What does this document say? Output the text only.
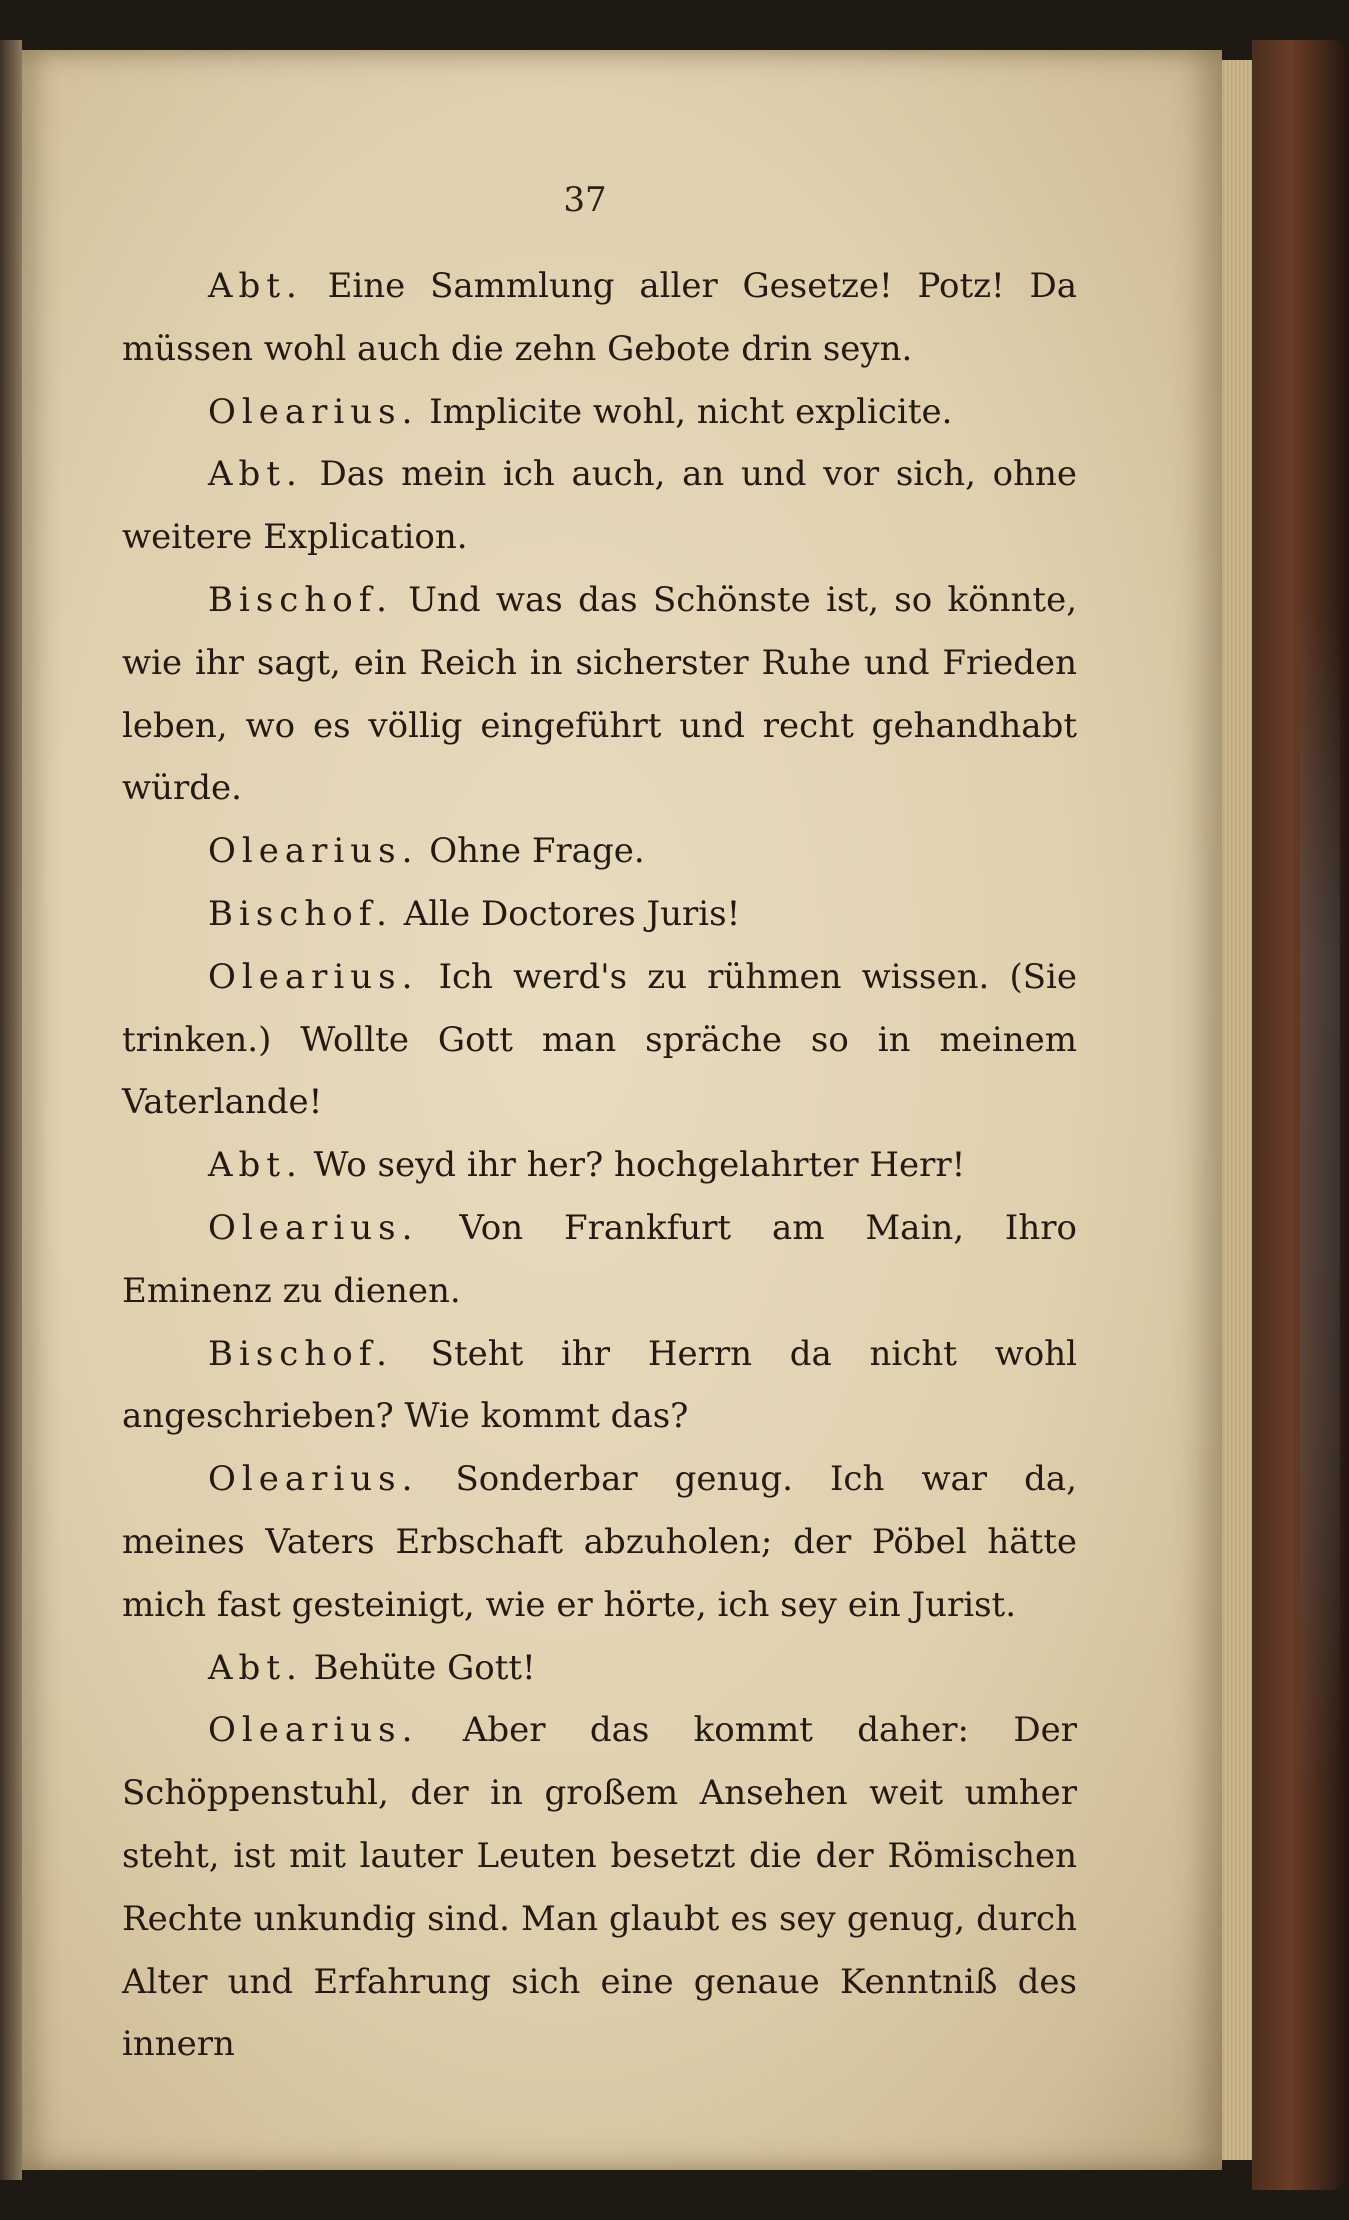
37

Abt. Eine Sammlung aller Gesetze! Potz! Da müssen wohl auch die zehn Gebote drin seyn.

Olearius. Implicite wohl, nicht explicite.

Abt. Das mein ich auch, an und vor sich, ohne weitere Explication.

Bischof. Und was das Schönste ist, so könnte, wie ihr sagt, ein Reich in sicherster Ruhe und Frieden leben, wo es völlig eingeführt und recht gehandhabt würde.

Olearius. Ohne Frage.

Bischof. Alle Doctores Juris!

Olearius. Ich werd's zu rühmen wissen. (Sie trinken.) Wollte Gott man spräche so in meinem Vaterlande!

Abt. Wo seyd ihr her? hochgelahrter Herr!

Olearius. Von Frankfurt am Main, Ihro Eminenz zu dienen.

Bischof. Steht ihr Herrn da nicht wohl angeschrieben? Wie kommt das?

Olearius. Sonderbar genug. Ich war da, meines Vaters Erbschaft abzuholen; der Pöbel hätte mich fast gesteinigt, wie er hörte, ich sey ein Jurist.

Abt. Behüte Gott!

Olearius. Aber das kommt daher: Der Schöppenstuhl, der in großem Ansehen weit umher steht, ist mit lauter Leuten besetzt die der Römischen Rechte unkundig sind. Man glaubt es sey genug, durch Alter und Erfahrung sich eine genaue Kenntniß des innern
